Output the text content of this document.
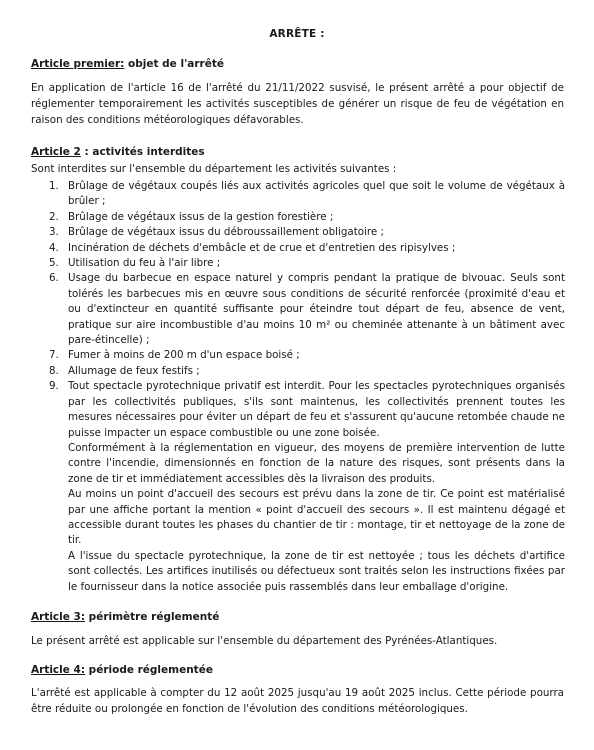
ARRÊTE :
Article premier: objet de l'arrêté
En application de l'article 16 de l'arrêté du 21/11/2022 susvisé, le présent arrêté a pour objectif de réglementer temporairement les activités susceptibles de générer un risque de feu de végétation en raison des conditions météorologiques défavorables.
Article 2 : activités interdites
Sont interdites sur l'ensemble du département les activités suivantes :
1. Brûlage de végétaux coupés liés aux activités agricoles quel que soit le volume de végétaux à brûler ;

2. Brûlage de végétaux issus de la gestion forestière ;

3. Brûlage de végétaux issus du débroussaillement obligatoire ;

4. Incinération de déchets d'embâcle et de crue et d'entretien des ripisylves ;

5. Utilisation du feu à l'air libre ;

6. Usage du barbecue en espace naturel y compris pendant la pratique de bivouac. Seuls sont tolérés les barbecues mis en œuvre sous conditions de sécurité renforcée (proximité d'eau et ou d'extincteur en quantité suffisante pour éteindre tout départ de feu, absence de vent, pratique sur aire incombustible d'au moins 10 m² ou cheminée attenante à un bâtiment avec pare-étincelle) ;

7. Fumer à moins de 200 m d'un espace boisé ;

8. Allumage de feux festifs ;

9. Tout spectacle pyrotechnique privatif est interdit. Pour les spectacles pyrotechniques organisés par les collectivités publiques, s'ils sont maintenus, les collectivités prennent toutes les mesures nécessaires pour éviter un départ de feu et s'assurent qu'aucune retombée chaude ne puisse impacter un espace combustible ou une zone boisée.

Conformément à la réglementation en vigueur, des moyens de première intervention de lutte contre l'incendie, dimensionnés en fonction de la nature des risques, sont présents dans la zone de tir et immédiatement accessibles dès la livraison des produits.

Au moins un point d'accueil des secours est prévu dans la zone de tir. Ce point est matérialisé par une affiche portant la mention « point d'accueil des secours ». Il est maintenu dégagé et accessible durant toutes les phases du chantier de tir : montage, tir et nettoyage de la zone de tir.

A l'issue du spectacle pyrotechnique, la zone de tir est nettoyée ; tous les déchets d'artifice sont collectés. Les artifices inutilisés ou défectueux sont traités selon les instructions fixées par le fournisseur dans la notice associée puis rassemblés dans leur emballage d'origine.

Article 3: périmètre réglementé
Le présent arrêté est applicable sur l'ensemble du département des Pyrénées-Atlantiques.
Article 4: période réglementée
L'arrêté est applicable à compter du 12 août 2025 jusqu'au 19 août 2025 inclus. Cette période pourra être réduite ou prolongée en fonction de l'évolution des conditions météorologiques.
